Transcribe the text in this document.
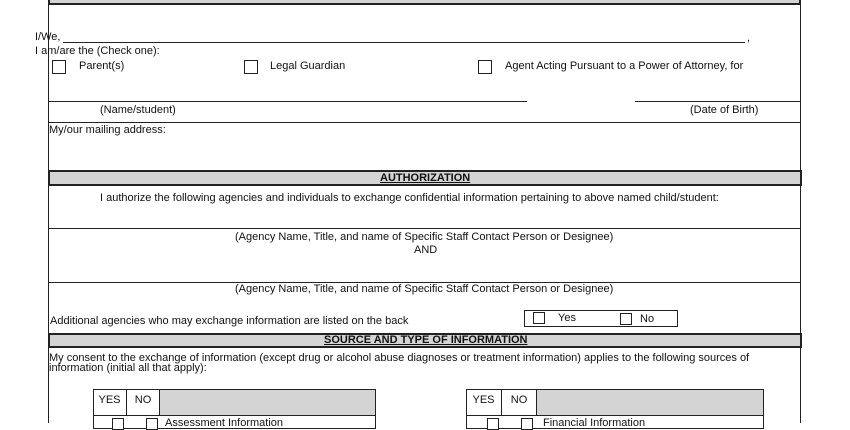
I/We,	,
I am/are the (Check one):
Parent(s)	Legal Guardian	Agent Acting Pursuant to a Power of Attorney, for
(Name/student)	(Date of Birth)
My/our mailing address:
AUTHORIZATION
I authorize the following agencies and individuals to exchange confidential information pertaining to above named child/student:
(Agency Name, Title, and name of Specific Staff Contact Person or Designee)
AND
(Agency Name, Title, and name of Specific Staff Contact Person or Designee)
Additional agencies who may exchange information are listed on the back	Yes	No
SOURCE AND TYPE OF INFORMATION
My consent to the exchange of information (except drug or alcohol abuse diagnoses or treatment information) applies to the following sources of
information (initial all that apply):
YES	NO
Assessment Information
YES	NO
Financial Information
